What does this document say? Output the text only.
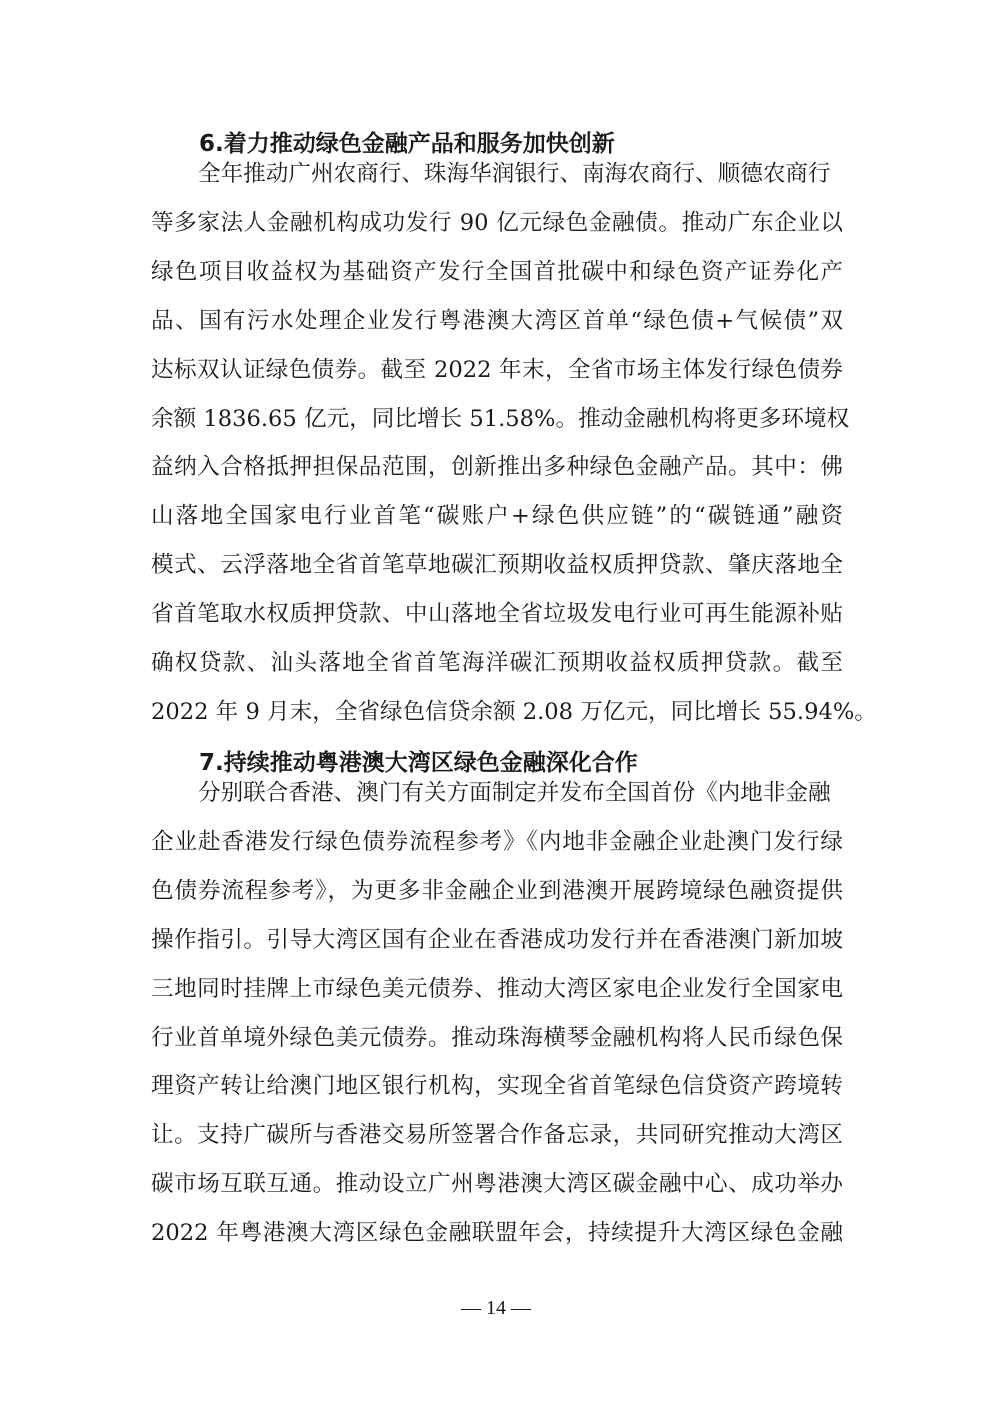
6.着力推动绿色金融产品和服务加快创新
全年推动广州农商行、珠海华润银行、南海农商行、顺德农商行
等多家法人金融机构成功发行 90 亿元绿色金融债。推动广东企业以
绿色项目收益权为基础资产发行全国首批碳中和绿色资产证券化产
品、国有污水处理企业发行粤港澳大湾区首单“绿色债+气候债”双
达标双认证绿色债券。截至 2022 年末，全省市场主体发行绿色债券
余额 1836.65 亿元，同比增长 51.58%。推动金融机构将更多环境权
益纳入合格抵押担保品范围，创新推出多种绿色金融产品。其中：佛
山落地全国家电行业首笔“碳账户+绿色供应链”的“碳链通”融资
模式、云浮落地全省首笔草地碳汇预期收益权质押贷款、肇庆落地全
省首笔取水权质押贷款、中山落地全省垃圾发电行业可再生能源补贴
确权贷款、汕头落地全省首笔海洋碳汇预期收益权质押贷款。截至
2022 年 9 月末，全省绿色信贷余额 2.08 万亿元，同比增长 55.94%。
7.持续推动粤港澳大湾区绿色金融深化合作
分别联合香港、澳门有关方面制定并发布全国首份《内地非金融
企业赴香港发行绿色债券流程参考》《内地非金融企业赴澳门发行绿
色债券流程参考》，为更多非金融企业到港澳开展跨境绿色融资提供
操作指引。引导大湾区国有企业在香港成功发行并在香港澳门新加坡
三地同时挂牌上市绿色美元债券、推动大湾区家电企业发行全国家电
行业首单境外绿色美元债券。推动珠海横琴金融机构将人民币绿色保
理资产转让给澳门地区银行机构，实现全省首笔绿色信贷资产跨境转
让。支持广碳所与香港交易所签署合作备忘录，共同研究推动大湾区
碳市场互联互通。推动设立广州粤港澳大湾区碳金融中心、成功举办
2022 年粤港澳大湾区绿色金融联盟年会，持续提升大湾区绿色金融
— 14 —
